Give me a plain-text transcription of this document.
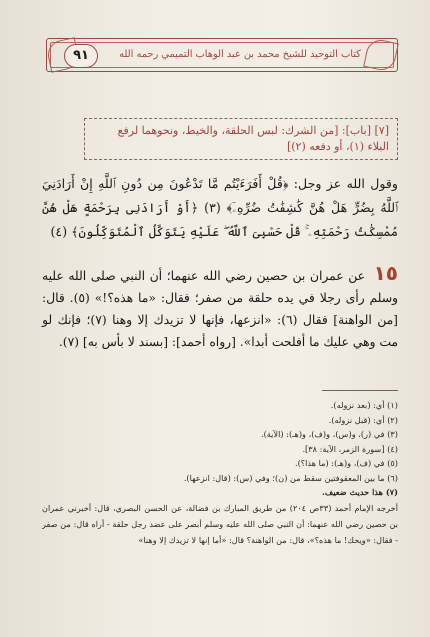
٩١	كتاب التوحيد للشيخ محمد بن عبد الوهاب التميمي رحمه الله
[٧] [باب]: [من الشرك: لبس الحلقة، والخيط، ونحوهما لرفع البلاء (١)، أو دفعه (٢)]
وقول الله عز وجل: ﴿قُلْ أَفَرَءَيْتُم مَّا تَدْعُونَ مِن دُونِ ٱللَّهِ إِنْ أَرَادَنِيَ ٱللَّهُ بِضُرٍّ هَلْ هُنَّ كَٰشِفَٰتُ ضُرِّهِۦٓ﴾ (٣) ﴿أَوْ أَرَادَنِى بِرَحْمَةٍ هَلْ هُنَّ مُمْسِكَٰتُ رَحْمَتِهِۦ ۚ قُلْ حَسْبِىَ ٱللَّهُ ۖ عَلَيْهِ يَتَوَكَّلُ ٱلْمُتَوَكِّلُونَ﴾ (٤)
١٥ عن عمران بن حصين رضي الله عنهما؛ أن النبي صلى الله عليه وسلم رأى رجلا في يده حلقة من صفر؛ فقال: «ما هذه؟!» (٥). قال: [من الواهنة] فقال (٦): «انزعها، فإنها لا تزيدك إلا وهنا (٧)؛ فإنك لو مت وهي عليك ما أفلحت أبدا». [رواه أحمد]: [بسند لا بأس به] (٧).
(١) أي: (بعد نزوله).
(٢) أي: (قبل نزوله).
(٣) في (ر)، و(س)، و(ف)، و(هـ): (الآية).
(٤) [سورة الزمر، الآية: ٣٨].
(٥) في (ف)، و(هـ): (ما هذا؟).
(٦) ما بين المعقوفتين سقط من (ن)؛ وفي (س): (قال: انزعها).
(٧) هذا حديث ضعيف.
أخرجه الإمام أحمد (٣٣ص ٢٠٤) من طريق المبارك بن فضالة، عن الحسن البصري، قال: أخبرني عمران بن حصين رضي الله عنهما: أن النبي صلى الله عليه وسلم أبصر على عضد رجل حلقة - أراه قال: من صفر - فقال: «ويحك! ما هذه؟»، قال: من الواهنة؟ قال: «أما إنها لا تزيدك إلا وهنا»
